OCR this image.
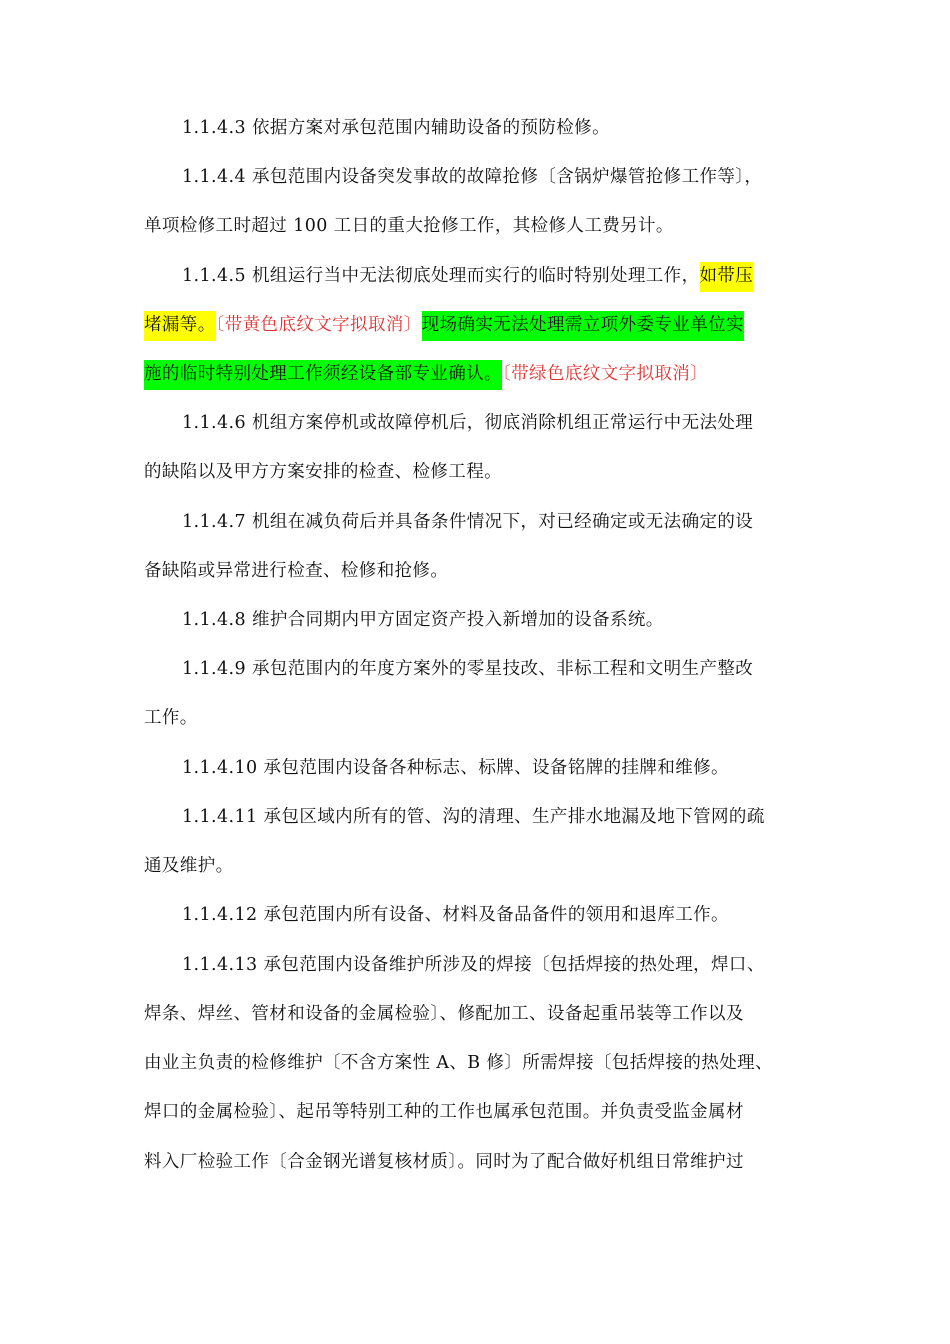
1.1.4.3 依据方案对承包范围内辅助设备的预防检修。
1.1.4.4 承包范围内设备突发事故的故障抢修〔含锅炉爆管抢修工作等〕，
单项检修工时超过 100 工日的重大抢修工作，其检修人工费另计。
1.1.4.5 机组运行当中无法彻底处理而实行的临时特别处理工作，如带压
堵漏等。〔带黄色底纹文字拟取消〕现场确实无法处理需立项外委专业单位实
施的临时特别处理工作须经设备部专业确认。〔带绿色底纹文字拟取消〕
1.1.4.6 机组方案停机或故障停机后，彻底消除机组正常运行中无法处理
的缺陷以及甲方方案安排的检查、检修工程。
1.1.4.7 机组在减负荷后并具备条件情况下，对已经确定或无法确定的设
备缺陷或异常进行检查、检修和抢修。
1.1.4.8 维护合同期内甲方固定资产投入新增加的设备系统。
1.1.4.9 承包范围内的年度方案外的零星技改、非标工程和文明生产整改
工作。
1.1.4.10 承包范围内设备各种标志、标牌、设备铭牌的挂牌和维修。
1.1.4.11 承包区域内所有的管、沟的清理、生产排水地漏及地下管网的疏
通及维护。
1.1.4.12 承包范围内所有设备、材料及备品备件的领用和退库工作。
1.1.4.13 承包范围内设备维护所涉及的焊接〔包括焊接的热处理，焊口、
焊条、焊丝、管材和设备的金属检验〕、修配加工、设备起重吊装等工作以及
由业主负责的检修维护〔不含方案性 A、B 修〕所需焊接〔包括焊接的热处理、
焊口的金属检验〕、起吊等特别工种的工作也属承包范围。并负责受监金属材
料入厂检验工作〔合金钢光谱复核材质〕。同时为了配合做好机组日常维护过
